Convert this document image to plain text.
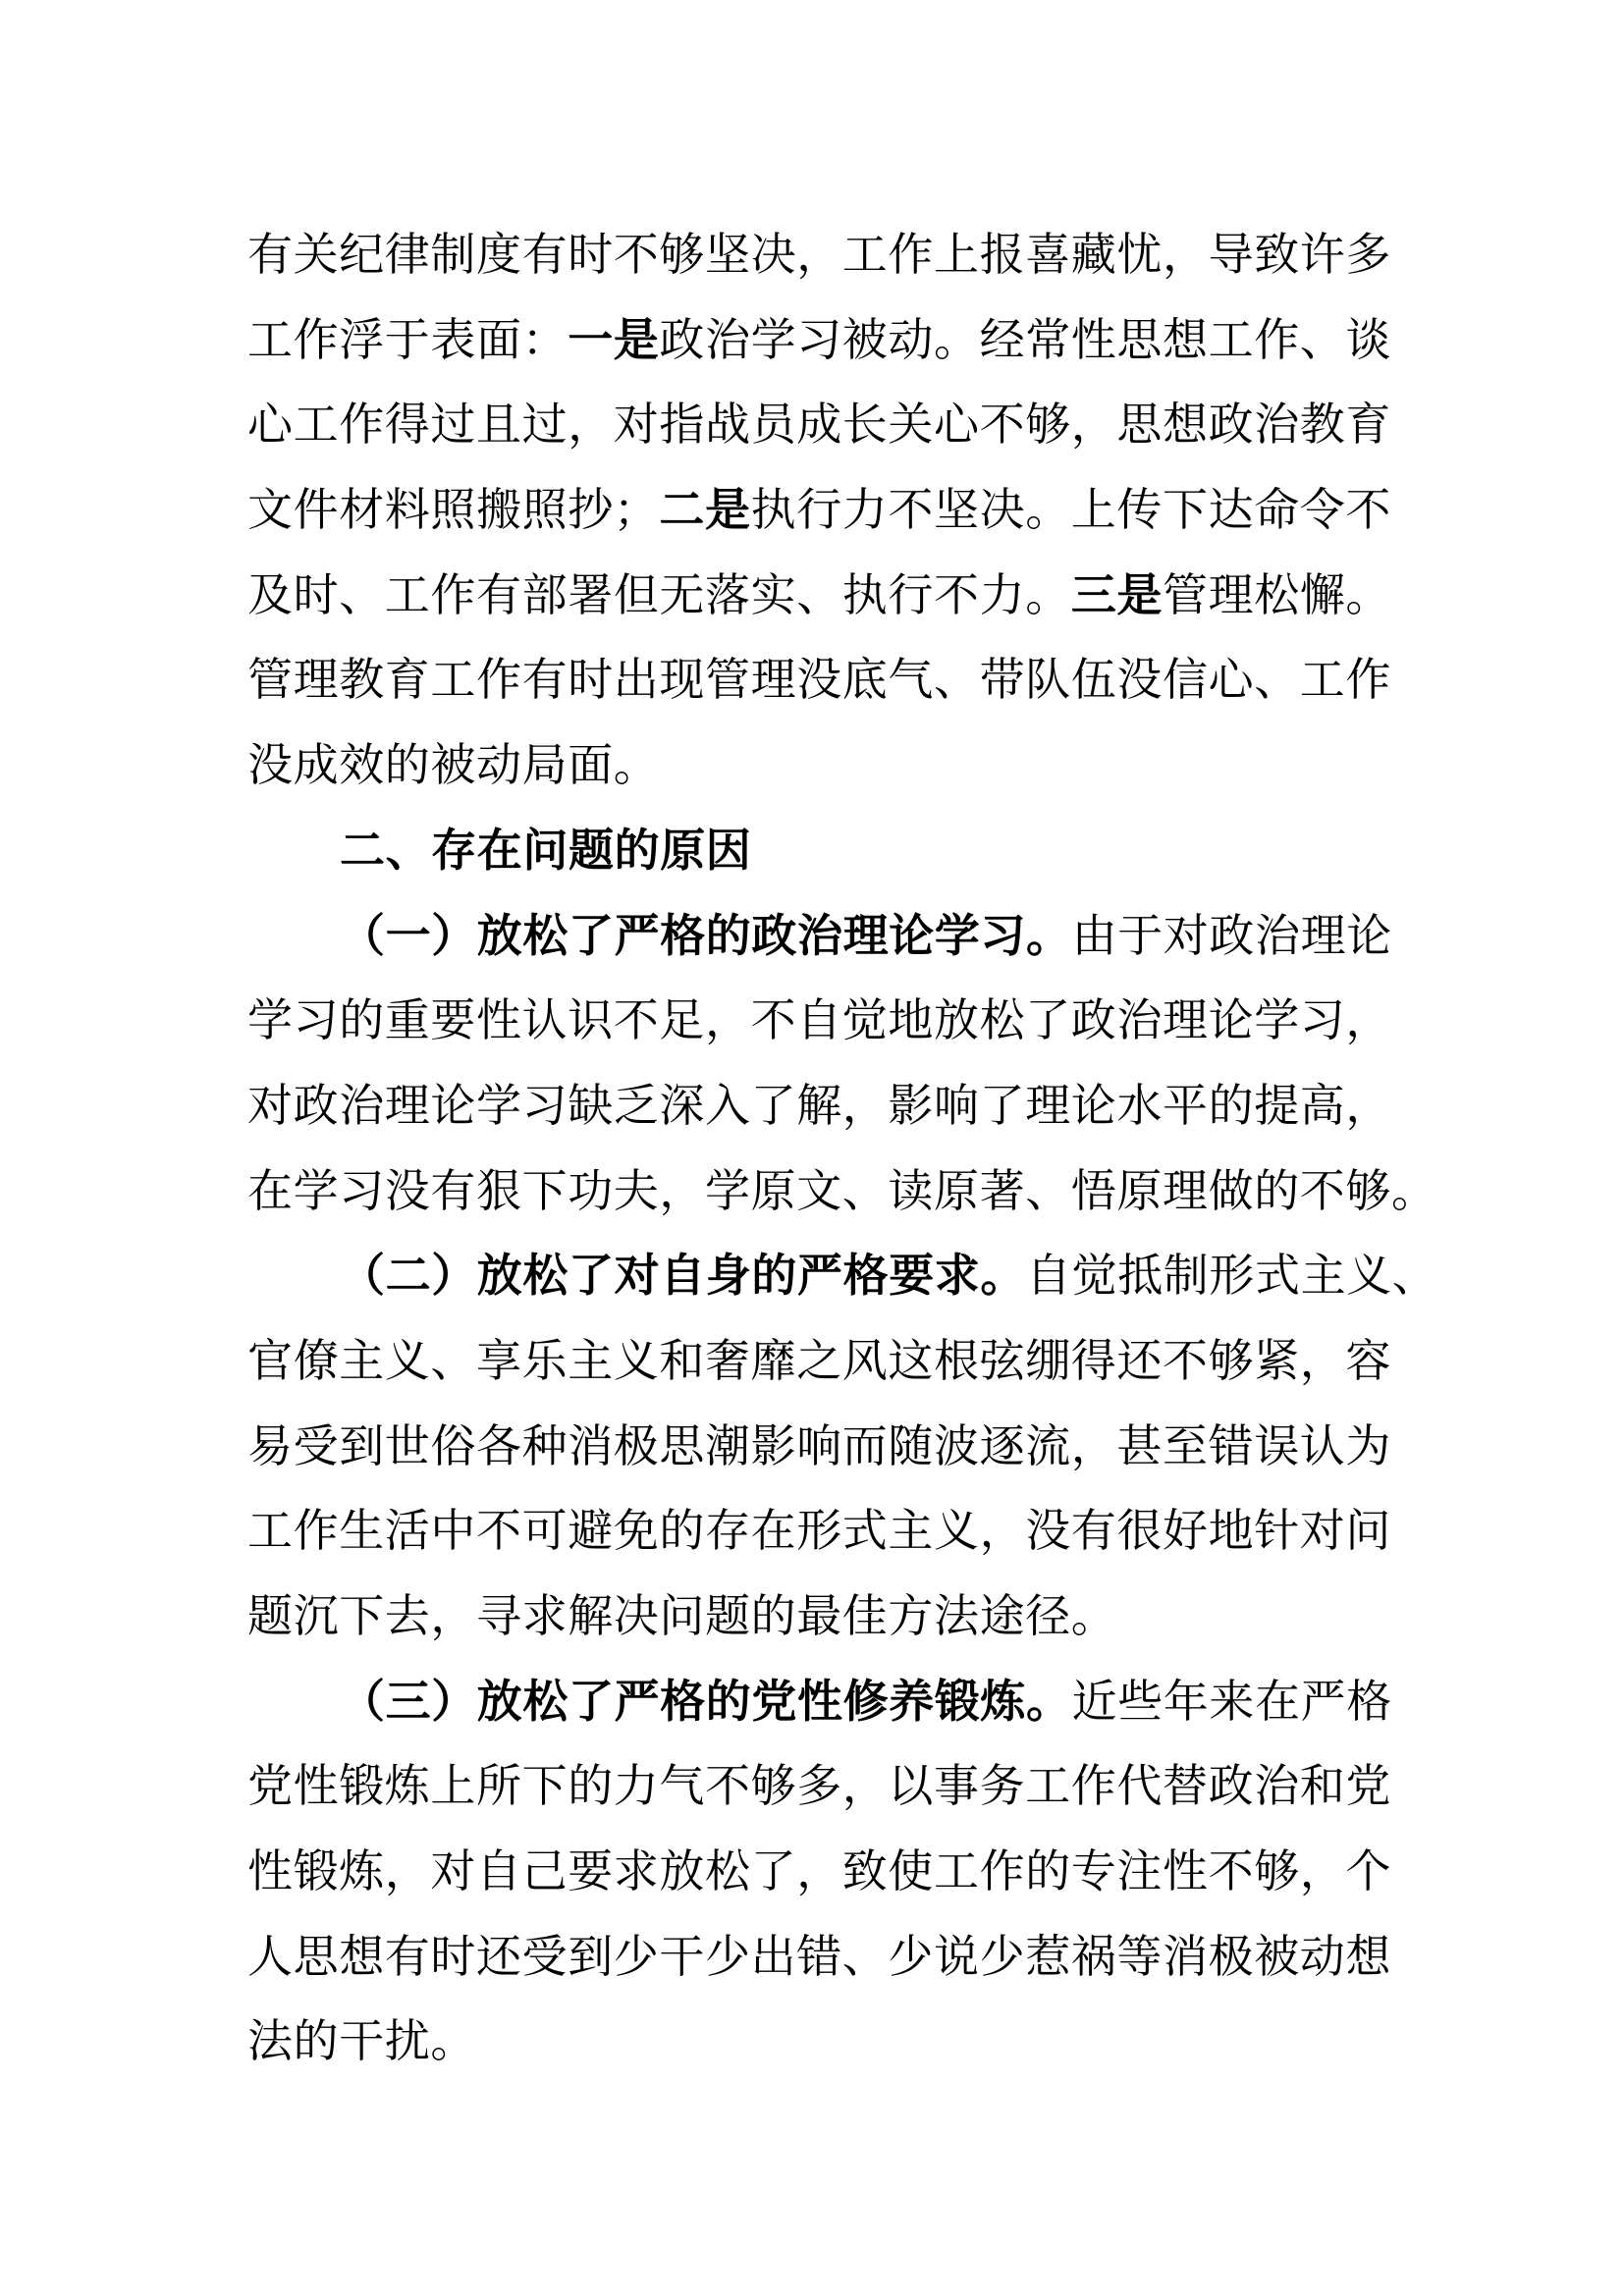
有关纪律制度有时不够坚决，工作上报喜藏忧，导致许多
工作浮于表面：一是政治学习被动。经常性思想工作、谈
心工作得过且过，对指战员成长关心不够，思想政治教育
文件材料照搬照抄；二是执行力不坚决。上传下达命令不
及时、工作有部署但无落实、执行不力。三是管理松懈。
管理教育工作有时出现管理没底气、带队伍没信心、工作
没成效的被动局面。
二、存在问题的原因
（一）放松了严格的政治理论学习。由于对政治理论
学习的重要性认识不足，不自觉地放松了政治理论学习，
对政治理论学习缺乏深入了解，影响了理论水平的提高，
在学习没有狠下功夫，学原文、读原著、悟原理做的不够。
（二）放松了对自身的严格要求。自觉抵制形式主义、
官僚主义、享乐主义和奢靡之风这根弦绷得还不够紧，容
易受到世俗各种消极思潮影响而随波逐流，甚至错误认为
工作生活中不可避免的存在形式主义，没有很好地针对问
题沉下去，寻求解决问题的最佳方法途径。
（三）放松了严格的党性修养锻炼。近些年来在严格
党性锻炼上所下的力气不够多，以事务工作代替政治和党
性锻炼，对自己要求放松了，致使工作的专注性不够，个
人思想有时还受到少干少出错、少说少惹祸等消极被动想
法的干扰。
